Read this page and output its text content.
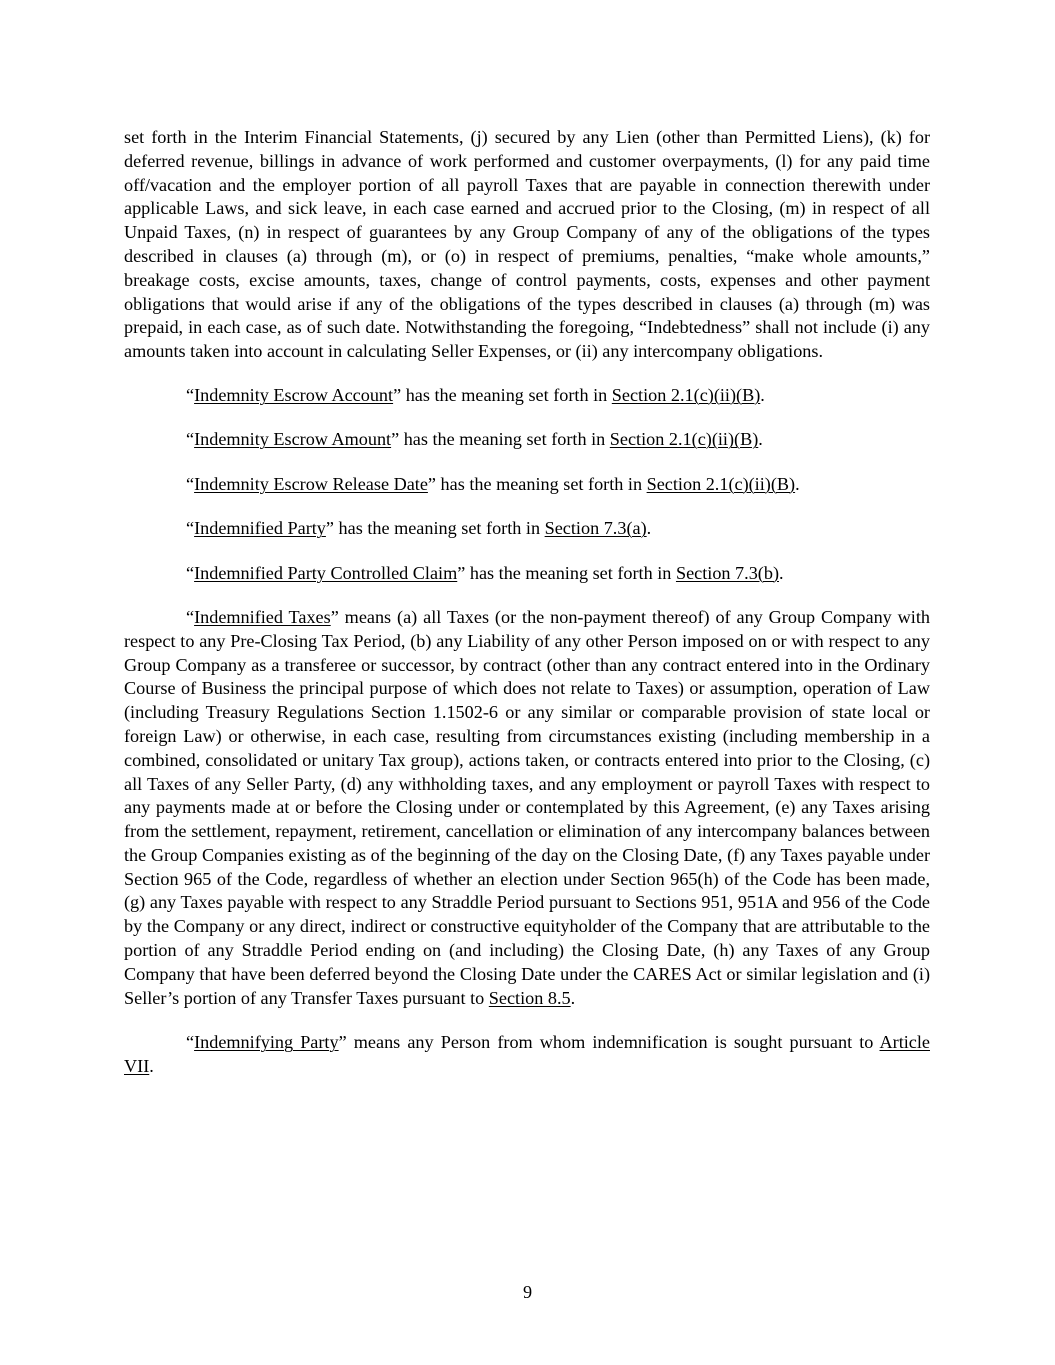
set forth in the Interim Financial Statements, (j) secured by any Lien (other than Permitted Liens), (k) for deferred revenue, billings in advance of work performed and customer overpayments, (l) for any paid time off/vacation and the employer portion of all payroll Taxes that are payable in connection therewith under applicable Laws, and sick leave, in each case earned and accrued prior to the Closing, (m) in respect of all Unpaid Taxes, (n) in respect of guarantees by any Group Company of any of the obligations of the types described in clauses (a) through (m), or (o) in respect of premiums, penalties, “make whole amounts,” breakage costs, excise amounts, taxes, change of control payments, costs, expenses and other payment obligations that would arise if any of the obligations of the types described in clauses (a) through (m) was prepaid, in each case, as of such date. Notwithstanding the foregoing, “Indebtedness” shall not include (i) any amounts taken into account in calculating Seller Expenses, or (ii) any intercompany obligations.

“Indemnity Escrow Account” has the meaning set forth in Section 2.1(c)(ii)(B).

“Indemnity Escrow Amount” has the meaning set forth in Section 2.1(c)(ii)(B).

“Indemnity Escrow Release Date” has the meaning set forth in Section 2.1(c)(ii)(B).

“Indemnified Party” has the meaning set forth in Section 7.3(a).

“Indemnified Party Controlled Claim” has the meaning set forth in Section 7.3(b).

“Indemnified Taxes” means (a) all Taxes (or the non-payment thereof) of any Group Company with respect to any Pre-Closing Tax Period, (b) any Liability of any other Person imposed on or with respect to any Group Company as a transferee or successor, by contract (other than any contract entered into in the Ordinary Course of Business the principal purpose of which does not relate to Taxes) or assumption, operation of Law (including Treasury Regulations Section 1.1502-6 or any similar or comparable provision of state local or foreign Law) or otherwise, in each case, resulting from circumstances existing (including membership in a combined, consolidated or unitary Tax group), actions taken, or contracts entered into prior to the Closing, (c) all Taxes of any Seller Party, (d) any withholding taxes, and any employment or payroll Taxes with respect to any payments made at or before the Closing under or contemplated by this Agreement, (e) any Taxes arising from the settlement, repayment, retirement, cancellation or elimination of any intercompany balances between the Group Companies existing as of the beginning of the day on the Closing Date, (f) any Taxes payable under Section 965 of the Code, regardless of whether an election under Section 965(h) of the Code has been made, (g) any Taxes payable with respect to any Straddle Period pursuant to Sections 951, 951A and 956 of the Code by the Company or any direct, indirect or constructive equityholder of the Company that are attributable to the portion of any Straddle Period ending on (and including) the Closing Date, (h) any Taxes of any Group Company that have been deferred beyond the Closing Date under the CARES Act or similar legislation and (i) Seller’s portion of any Transfer Taxes pursuant to Section 8.5.

“Indemnifying Party” means any Person from whom indemnification is sought pursuant to Article VII.

9
